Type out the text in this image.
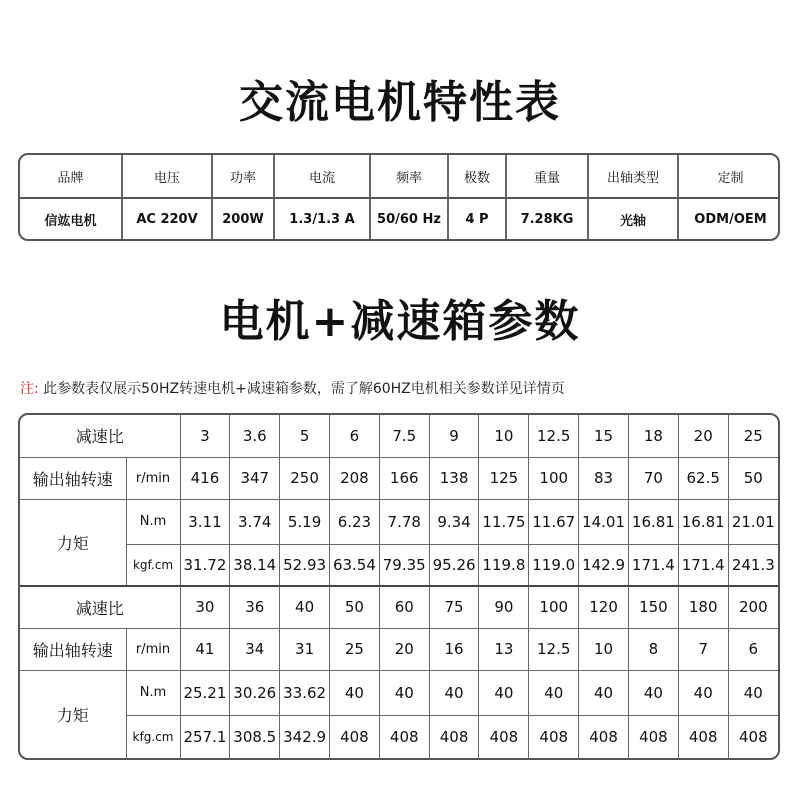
交流电机特性表
品牌	电压	功率	电流	频率	极数	重量	出轴类型	定制
信竑电机	AC 220V	200W	1.3/1.3 A	50/60 Hz	4 P	7.28KG	光轴	ODM/OEM
电机+减速箱参数
注: 此参数表仅展示50HZ转速电机+减速箱参数，需了解60HZ电机相关参数详见详情页
减速比		3	3.6	5	6	7.5	9	10	12.5	15	18	20	25
输出轴转速	r/min	416	347	250	208	166	138	125	100	83	70	62.5	50
力矩	N.m	3.11	3.74	5.19	6.23	7.78	9.34	11.75	11.67	14.01	16.81	16.81	21.01
	kgf.cm	31.72	38.14	52.93	63.54	79.35	95.26	119.8	119.0	142.9	171.4	171.4	241.3
减速比		30	36	40	50	60	75	90	100	120	150	180	200
输出轴转速	r/min	41	34	31	25	20	16	13	12.5	10	8	7	6
力矩	N.m	25.21	30.26	33.62	40	40	40	40	40	40	40	40	40
	kfg.cm	257.1	308.5	342.9	408	408	408	408	408	408	408	408	408
